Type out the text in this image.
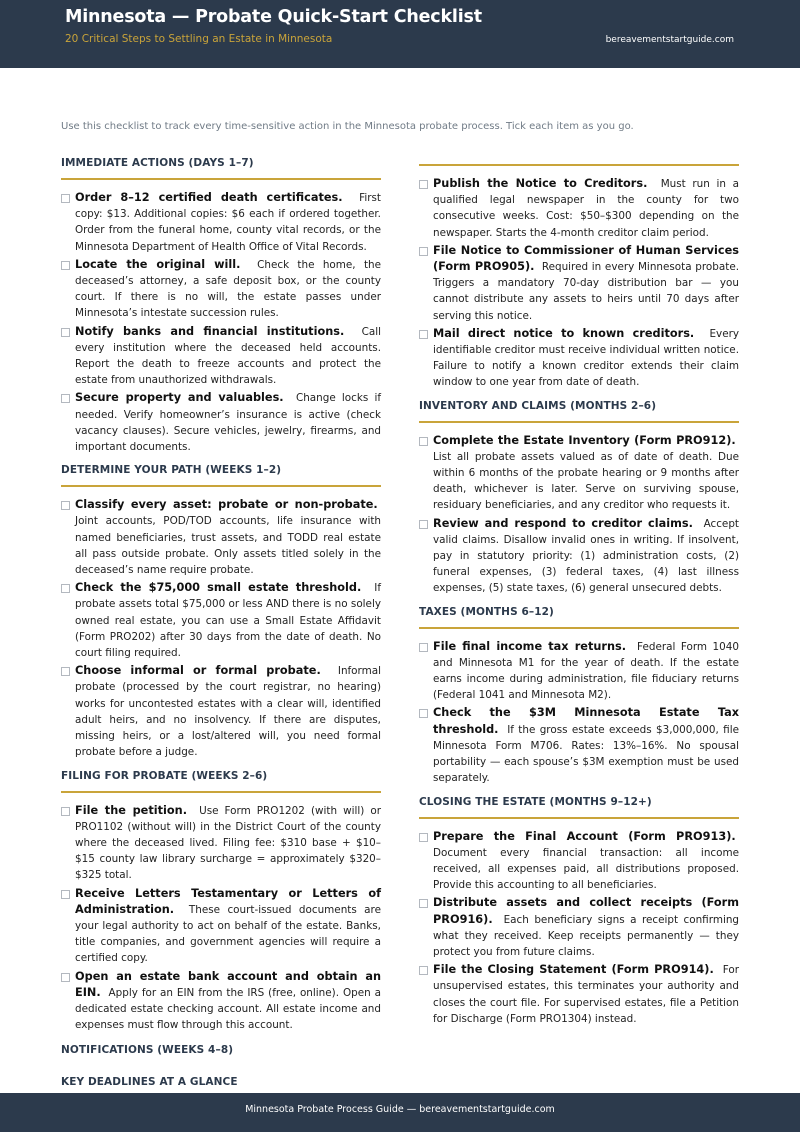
Minnesota — Probate Quick-Start Checklist
20 Critical Steps to Settling an Estate in Minnesota	bereavementstartguide.com
Use this checklist to track every time-sensitive action in the Minnesota probate process. Tick each item as you go.
IMMEDIATE ACTIONS (DAYS 1–7)
Order 8–12 certified death certificates. First copy: $13. Additional copies: $6 each if ordered together. Order from the funeral home, county vital records, or the Minnesota Department of Health Office of Vital Records.
Locate the original will. Check the home, the deceased’s attorney, a safe deposit box, or the county court. If there is no will, the estate passes under Minnesota’s intestate succession rules.
Notify banks and financial institutions. Call every institution where the deceased held accounts. Report the death to freeze accounts and protect the estate from unauthorized withdrawals.
Secure property and valuables. Change locks if needed. Verify homeowner’s insurance is active (check vacancy clauses). Secure vehicles, jewelry, firearms, and important documents.
DETERMINE YOUR PATH (WEEKS 1–2)
Classify every asset: probate or non-probate.  Joint accounts, POD/TOD accounts, life insurance with named beneficiaries, trust assets, and TODD real estate all pass outside probate. Only assets titled solely in the deceased’s name require probate.
Check the $75,000 small estate threshold. If probate assets total $75,000 or less AND there is no solely owned real estate, you can use a Small Estate Affidavit (Form PRO202) after 30 days from the date of death. No court filing required.
Choose informal or formal probate. Informal probate (processed by the court registrar, no hearing) works for uncontested estates with a clear will, identified adult heirs, and no insolvency. If there are disputes, missing heirs, or a lost/altered will, you need formal probate before a judge.
FILING FOR PROBATE (WEEKS 2–6)
File the petition. Use Form PRO1202 (with will) or PRO1102 (without will) in the District Court of the county where the deceased lived. Filing fee: $310 base + $10–$15 county law library surcharge = approximately $320–$325 total.
Receive Letters Testamentary or Letters of Administration. These court-issued documents are your legal authority to act on behalf of the estate. Banks, title companies, and government agencies will require a certified copy.
Open an estate bank account and obtain an EIN. Apply for an EIN from the IRS (free, online). Open a dedicated estate checking account. All estate income and expenses must flow through this account.
NOTIFICATIONS (WEEKS 4–8)
KEY DEADLINES AT A GLANCE
Publish the Notice to Creditors. Must run in a qualified legal newspaper in the county for two consecutive weeks. Cost: $50–$300 depending on the newspaper. Starts the 4-month creditor claim period.
File Notice to Commissioner of Human Services (Form PRO905). Required in every Minnesota probate. Triggers a mandatory 70-day distribution bar — you cannot distribute any assets to heirs until 70 days after serving this notice.
Mail direct notice to known creditors. Every identifiable creditor must receive individual written notice. Failure to notify a known creditor extends their claim window to one year from date of death.
INVENTORY AND CLAIMS (MONTHS 2–6)
Complete the Estate Inventory (Form PRO912).  List all probate assets valued as of date of death. Due within 6 months of the probate hearing or 9 months after death, whichever is later. Serve on surviving spouse, residuary beneficiaries, and any creditor who requests it.
Review and respond to creditor claims. Accept valid claims. Disallow invalid ones in writing. If insolvent, pay in statutory priority: (1) administration costs, (2) funeral expenses, (3) federal taxes, (4) last illness expenses, (5) state taxes, (6) general unsecured debts.
TAXES (MONTHS 6–12)
File final income tax returns. Federal Form 1040 and Minnesota M1 for the year of death. If the estate earns income during administration, file fiduciary returns (Federal 1041 and Minnesota M2).
Check the $3M Minnesota Estate Tax threshold. If the gross estate exceeds $3,000,000, file Minnesota Form M706. Rates: 13%–16%. No spousal portability — each spouse’s $3M exemption must be used separately.
CLOSING THE ESTATE (MONTHS 9–12+)
Prepare the Final Account (Form PRO913).  Document every financial transaction: all income received, all expenses paid, all distributions proposed. Provide this accounting to all beneficiaries.
Distribute assets and collect receipts (Form PRO916). Each beneficiary signs a receipt confirming what they received. Keep receipts permanently — they protect you from future claims.
File the Closing Statement (Form PRO914). For unsupervised estates, this terminates your authority and closes the court file. For supervised estates, file a Petition for Discharge (Form PRO1304) instead.
Minnesota Probate Process Guide — bereavementstartguide.com
